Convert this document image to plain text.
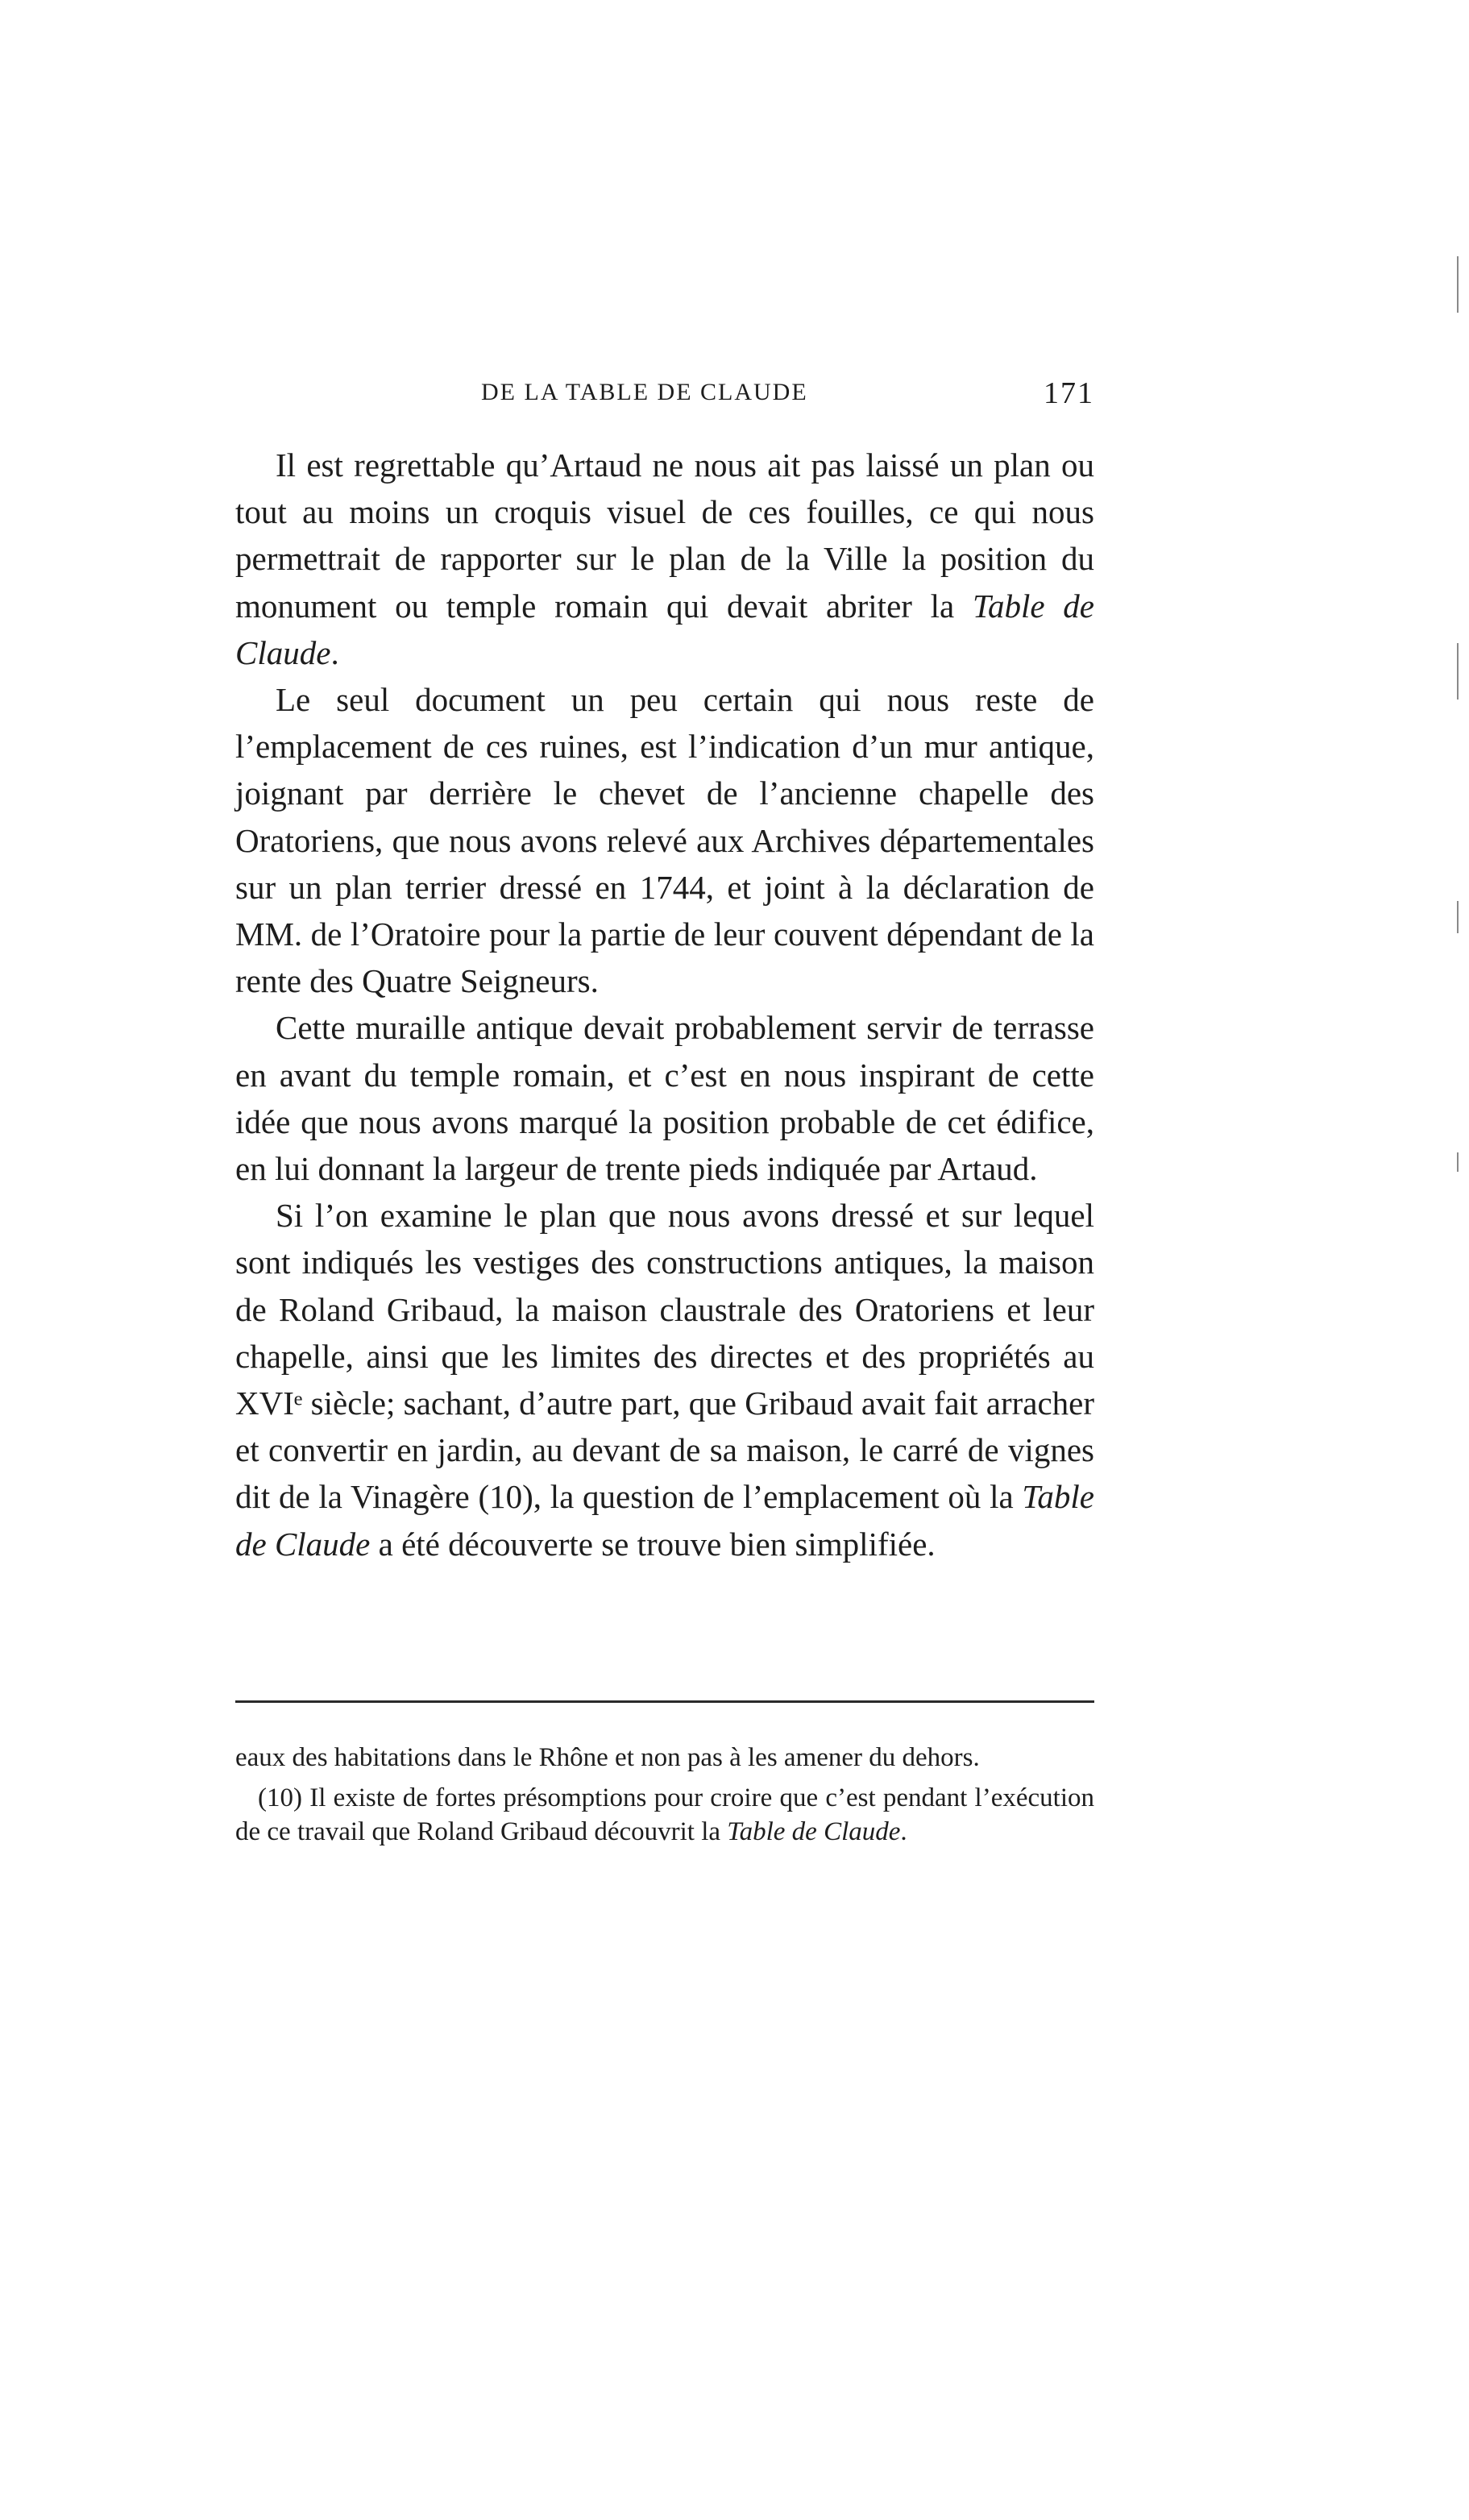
DE LA TABLE DE CLAUDE	171

Il est regrettable qu’Artaud ne nous ait pas laissé un plan ou tout au moins un croquis visuel de ces fouilles, ce qui nous permettrait de rapporter sur le plan de la Ville la position du monument ou temple romain qui devait abriter la Table de Claude.

Le seul document un peu certain qui nous reste de l’emplacement de ces ruines, est l’indication d’un mur antique, joignant par derrière le chevet de l’ancienne chapelle des Oratoriens, que nous avons relevé aux Archives départementales sur un plan terrier dressé en 1744, et joint à la déclaration de MM. de l’Oratoire pour la partie de leur couvent dépendant de la rente des Quatre Seigneurs.

Cette muraille antique devait probablement servir de terrasse en avant du temple romain, et c’est en nous inspirant de cette idée que nous avons marqué la position probable de cet édifice, en lui donnant la largeur de trente pieds indiquée par Artaud.

Si l’on examine le plan que nous avons dressé et sur lequel sont indiqués les vestiges des constructions antiques, la maison de Roland Gribaud, la maison claustrale des Oratoriens et leur chapelle, ainsi que les limites des directes et des propriétés au XVIᵉ siècle; sachant, d’autre part, que Gribaud avait fait arracher et convertir en jardin, au devant de sa maison, le carré de vignes dit de la Vinagère (10), la question de l’emplacement où la Table de Claude a été découverte se trouve bien simplifiée.

eaux des habitations dans le Rhône et non pas à les amener du dehors.

(10) Il existe de fortes présomptions pour croire que c’est pendant l’exécution de ce travail que Roland Gribaud découvrit la Table de Claude.
